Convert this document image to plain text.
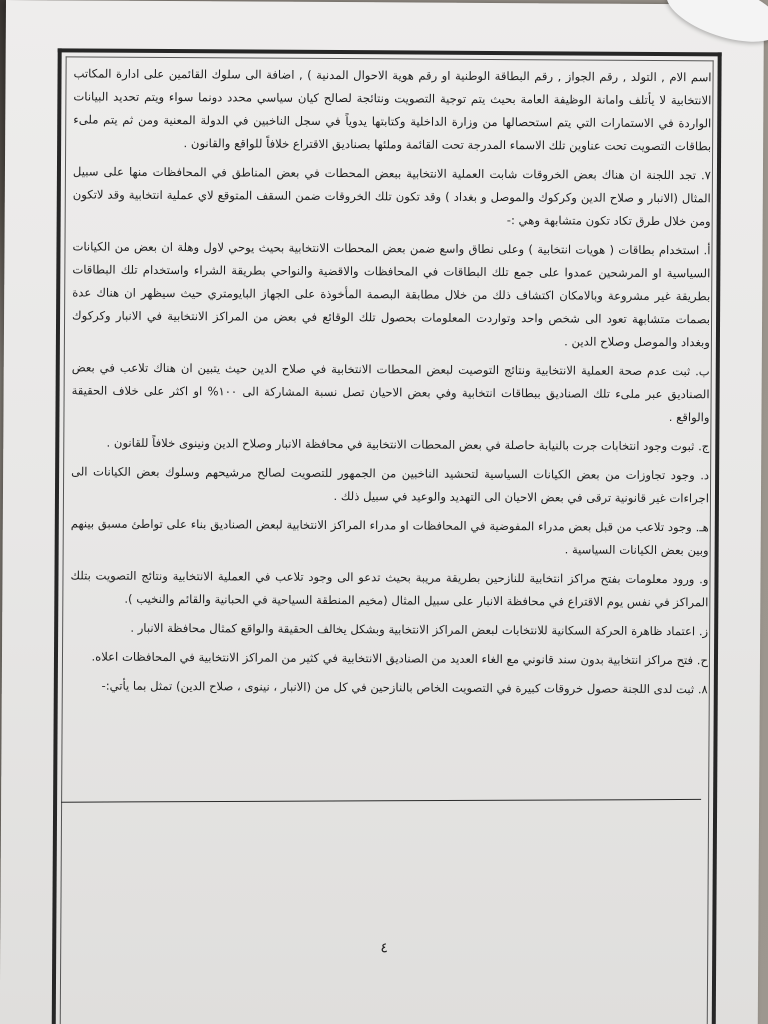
اسم الام , التولد , رقم الجواز , رقم البطاقة الوطنية او رقم هوية الاحوال المدنية ) , اضافة الى سلوك القائمين على ادارة المكاتب الانتخابية لا يأتلف وامانة الوظيفة العامة بحيث يتم توجية التصويت ونتائجة لصالح كيان سياسي محدد دونما سواء ويتم تحديد البيانات الواردة في الاستمارات التي يتم استحصالها من وزارة الداخلية وكتابتها يدوياً في سجل الناخبين في الدولة المعنية ومن ثم يتم ملىء بطاقات التصويت تحت عناوين تلك الاسماء المدرجة تحت القائمة وملئها بصناديق الاقتراع خلافاً للواقع والقانون .

٧. تجد اللجنة ان هناك بعض الخروقات شابت العملية الانتخابية ببعض المحطات في بعض المناطق في المحافظات منها على سبيل المثال (الانبار و صلاح الدين وكركوك والموصل و بغداد ) وقد تكون تلك الخروقات ضمن السقف المتوقع لاي عملية انتخابية وقد لاتكون ومن خلال طرق تكاد تكون متشابهة وهي :-

أ. استخدام بطاقات ( هويات انتخابية ) وعلى نطاق واسع ضمن بعض المحطات الانتخابية بحيث يوحي لاول وهلة ان بعض من الكيانات السياسية او المرشحين عمدوا على جمع تلك البطاقات في المحافظات والاقضية والنواحي بطريقة الشراء واستخدام تلك البطاقات بطريقة غير مشروعة وبالامكان اكتشاف ذلك من خلال مطابقة البصمة المأخوذة على الجهاز البايومتري حيث سيظهر ان هناك عدة بصمات متشابهة تعود الى شخص واحد وتواردت المعلومات بحصول تلك الوقائع في بعض من المراكز الانتخابية في الانبار وكركوك وبغداد والموصل وصلاح الدين .

ب. ثبت عدم صحة العملية الانتخابية ونتائج التوصيت لبعض المحطات الانتخابية في صلاح الدين حيث يتبين ان هناك تلاعب في بعض الصناديق عبر ملىء تلك الصناديق ببطاقات انتخابية وفي بعض الاحيان تصل نسبة المشاركة الى ١٠٠% او اكثر على خلاف الحقيقة والواقع .

ج. ثبوت وجود انتخابات جرت بالنيابة حاصلة في بعض المحطات الانتخابية في محافظة الانبار وصلاح الدين ونينوى خلافاً للقانون .

د. وجود تجاوزات من بعض الكيانات السياسية لتحشيد الناخبين من الجمهور للتصويت لصالح مرشيحهم وسلوك بعض الكيانات الى اجراءات غير قانونية ترقى في بعض الاحيان الى التهديد والوعيد في سبيل ذلك .

هـ. وجود تلاعب من قبل بعض مدراء المفوضية في المحافظات او مدراء المراكز الانتخابية لبعض الصناديق بناء على تواطئ مسبق بينهم وبين بعض الكيانات السياسية .

و. ورود معلومات بفتح مراكز انتخابية للنازحين بطريقة مريبة بحيث تدعو الى وجود تلاعب في العملية الانتخابية ونتائج التصويت بتلك المراكز في نفس يوم الاقتراع في محافظة الانبار على سبيل المثال (مخيم المنطقة السياحية في الحبانية والقائم والنخيب ).

ز. اعتماد ظاهرة الحركة السكانية للانتخابات لبعض المراكز الانتخابية وبشكل يخالف الحقيقة والواقع كمثال محافظة الانبار .

ح. فتح مراكز انتخابية بدون سند قانوني مع الغاء العديد من الصناديق الانتخابية في كثير من المراكز الانتخابية في المحافظات اعلاه.

٨. ثبت لدى اللجنة حصول خروقات كبيرة في التصويت الخاص بالنازحين في كل من (الانبار ، نينوى ، صلاح الدين) تمثل بما يأتي:-

٤
